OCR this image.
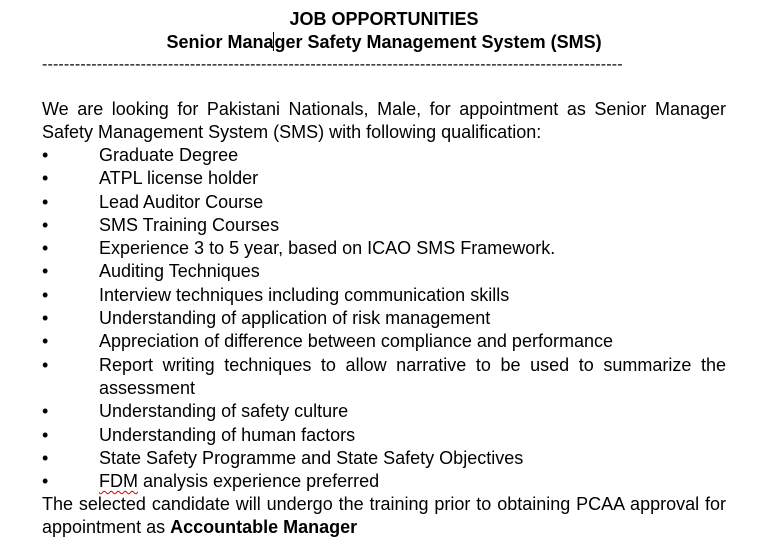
JOB OPPORTUNITIES

Senior Manager Safety Management System (SMS)

----------------------------------------------------------------------------------------------------------

We are looking for Pakistani Nationals, Male, for appointment as Senior Manager Safety Management System (SMS) with following qualification:

•	Graduate Degree
•	ATPL license holder
•	Lead Auditor Course
•	SMS Training Courses
•	Experience 3 to 5 year, based on ICAO SMS Framework.
•	Auditing Techniques
•	Interview techniques including communication skills
•	Understanding of application of risk management
•	Appreciation of difference between compliance and performance
•	Report writing techniques to allow narrative to be used to summarize the assessment
•	Understanding of safety culture
•	Understanding of human factors
•	State Safety Programme and State Safety Objectives
•	FDM analysis experience preferred

The selected candidate will undergo the training prior to obtaining PCAA approval for appointment as Accountable Manager
